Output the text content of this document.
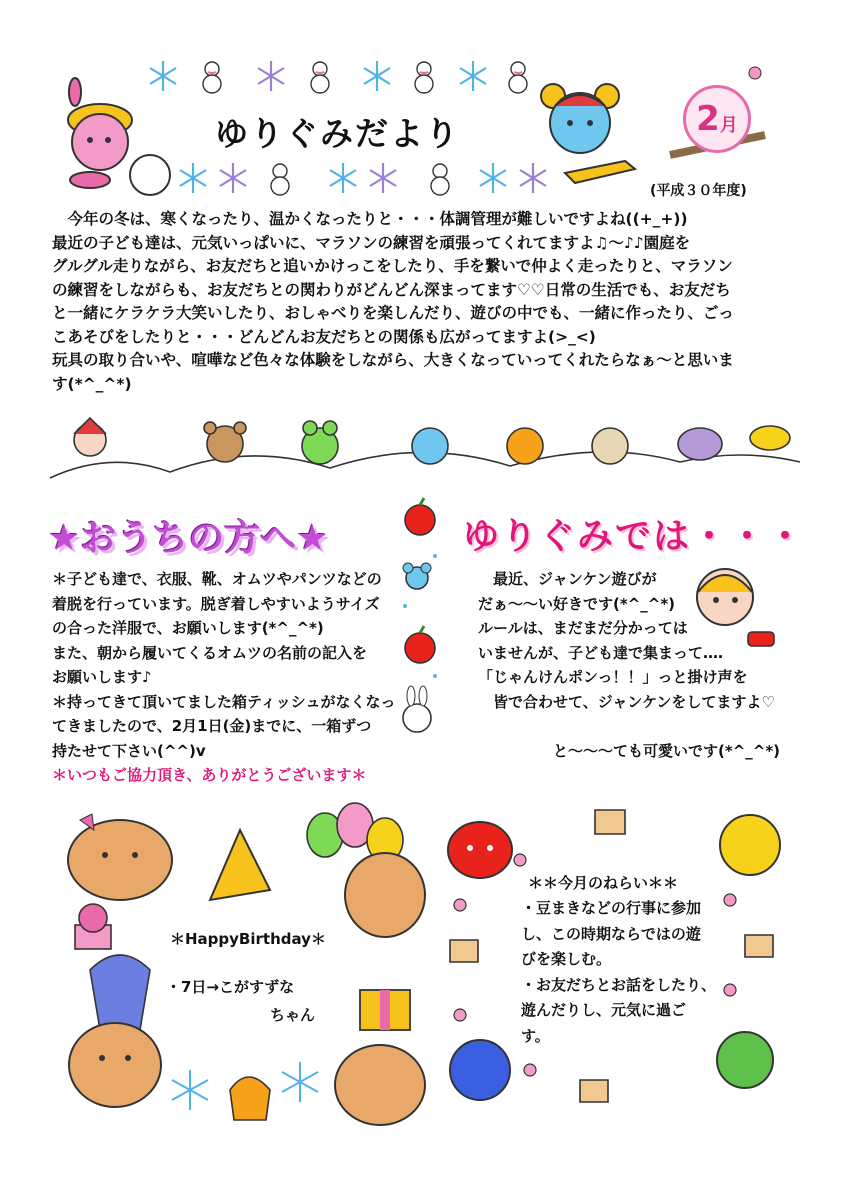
ゆりぐみだより	2 月
(平成３０年度)
　今年の冬は、寒くなったり、温かくなったりと・・・体調管理が難しいですよね((+_+))
最近の子ども達は、元気いっぱいに、マラソンの練習を頑張ってくれてますよ♫～♪♪園庭を
グルグル走りながら、お友だちと追いかけっこをしたり、手を繋いで仲よく走ったりと、マラソン
の練習をしながらも、お友だちとの関わりがどんどん深まってます♡♡日常の生活でも、お友だち
と一緒にケラケラ大笑いしたり、おしゃべりを楽しんだり、遊びの中でも、一緒に作ったり、ごっ
こあそびをしたりと・・・どんどんお友だちとの関係も広がってますよ(>_<)
玩具の取り合いや、喧嘩など色々な体験をしながら、大きくなっていってくれたらなぁ～と思いま
す(*^_^*)
★おうちの方へ★	ゆりぐみでは・・・
＊子ども達で、衣服、靴、オムツやパンツなどの
着脱を行っています。脱ぎ着しやすいようサイズ
の合った洋服で、お願いします(*^_^*)
また、朝から履いてくるオムツの名前の記入を
お願いします♪
＊持ってきて頂いてました箱ティッシュがなくなっ
てきましたので、2月1日(金)までに、一箱ずつ
持たせて下さい(^^)v
＊いつもご協力頂き、ありがとうございます＊
　最近、ジャンケン遊びが
だぁ～～い好きです(*^_^*)
ルールは、まだまだ分かっては
いませんが、子ども達で集まって‥‥
「じゃんけんポンっ！！」っと掛け声を
　皆で合わせて、ジャンケンをしてますよ♡

　　　　　と～～～ても可愛いです(*^_^*)
＊HappyBirthday＊
・7日→こがすずな
ちゃん
＊＊今月のねらい＊＊
・豆まきなどの行事に参加
し、この時期ならではの遊
びを楽しむ。
・お友だちとお話をしたり、
遊んだりし、元気に過ご
す。
